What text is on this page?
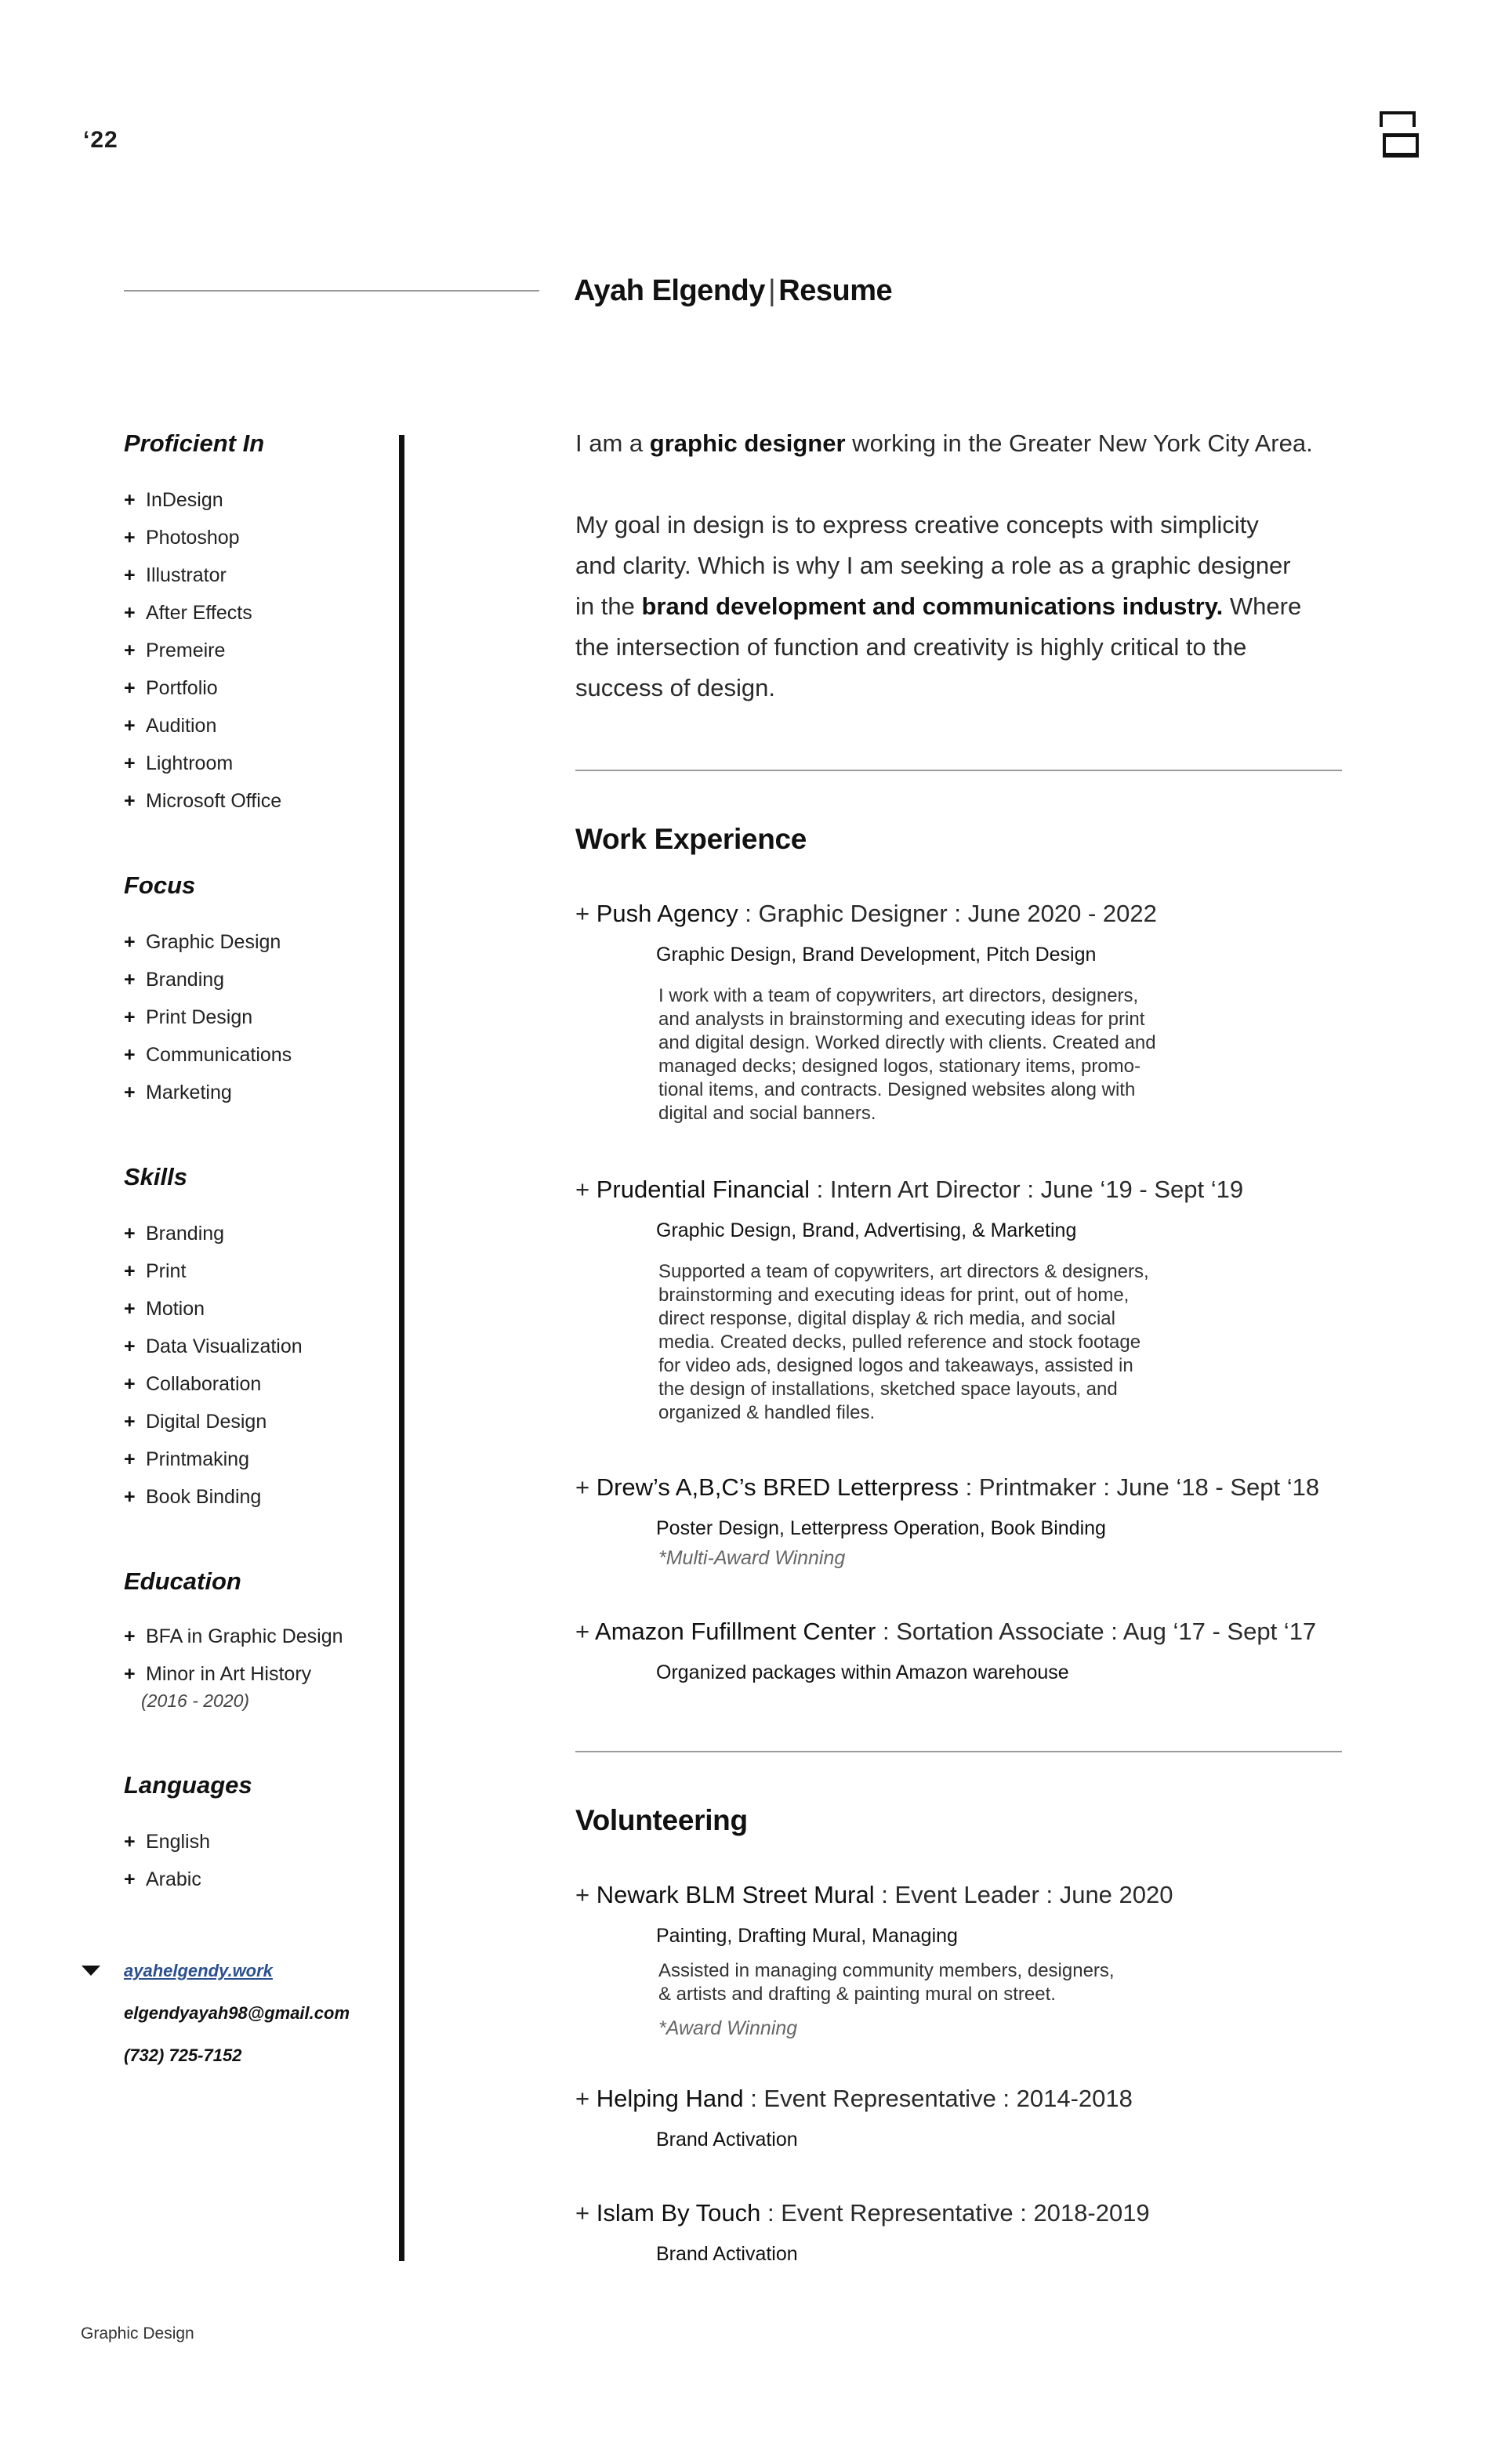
‘22
Ayah Elgendy | Resume
Proficient In
+ InDesign
+ Photoshop
+ Illustrator
+ After Effects
+ Premeire
+ Portfolio
+ Audition
+ Lightroom
+ Microsoft Office
Focus
+ Graphic Design
+ Branding
+ Print Design
+ Communications
+ Marketing
Skills
+ Branding
+ Print
+ Motion
+ Data Visualization
+ Collaboration
+ Digital Design
+ Printmaking
+ Book Binding
Education
+ BFA in Graphic Design
+ Minor in Art History
(2016 - 2020)
Languages
+ English
+ Arabic
ayahelgendy.work
elgendyayah98@gmail.com
(732) 725-7152
Graphic Design
I am a graphic designer working in the Greater New York City Area.
My goal in design is to express creative concepts with simplicity
and clarity. Which is why I am seeking a role as a graphic designer
in the brand development and communications industry. Where
the intersection of function and creativity is highly critical to the
success of design.
Work Experience
+ Push Agency : Graphic Designer : June 2020 - 2022
Graphic Design, Brand Development, Pitch Design
I work with a team of copywriters, art directors, designers,
and analysts in brainstorming and executing ideas for print
and digital design. Worked directly with clients. Created and
managed decks; designed logos, stationary items, promo-
tional items, and contracts. Designed websites along with
digital and social banners.
+ Prudential Financial : Intern Art Director : June ‘19 - Sept ‘19
Graphic Design, Brand, Advertising, & Marketing
Supported a team of copywriters, art directors & designers,
brainstorming and executing ideas for print, out of home,
direct response, digital display & rich media, and social
media. Created decks, pulled reference and stock footage
for video ads, designed logos and takeaways, assisted in
the design of installations, sketched space layouts, and
organized & handled files.
+ Drew’s A,B,C’s BRED Letterpress : Printmaker : June ‘18 - Sept ‘18
Poster Design, Letterpress Operation, Book Binding
*Multi-Award Winning
+ Amazon Fufillment Center : Sortation Associate : Aug ‘17 - Sept ‘17
Organized packages within Amazon warehouse
Volunteering
+ Newark BLM Street Mural : Event Leader : June 2020
Painting, Drafting Mural, Managing
Assisted in managing community members, designers,
& artists and drafting & painting mural on street.
*Award Winning
+ Helping Hand : Event Representative : 2014-2018
Brand Activation
+ Islam By Touch : Event Representative : 2018-2019
Brand Activation
